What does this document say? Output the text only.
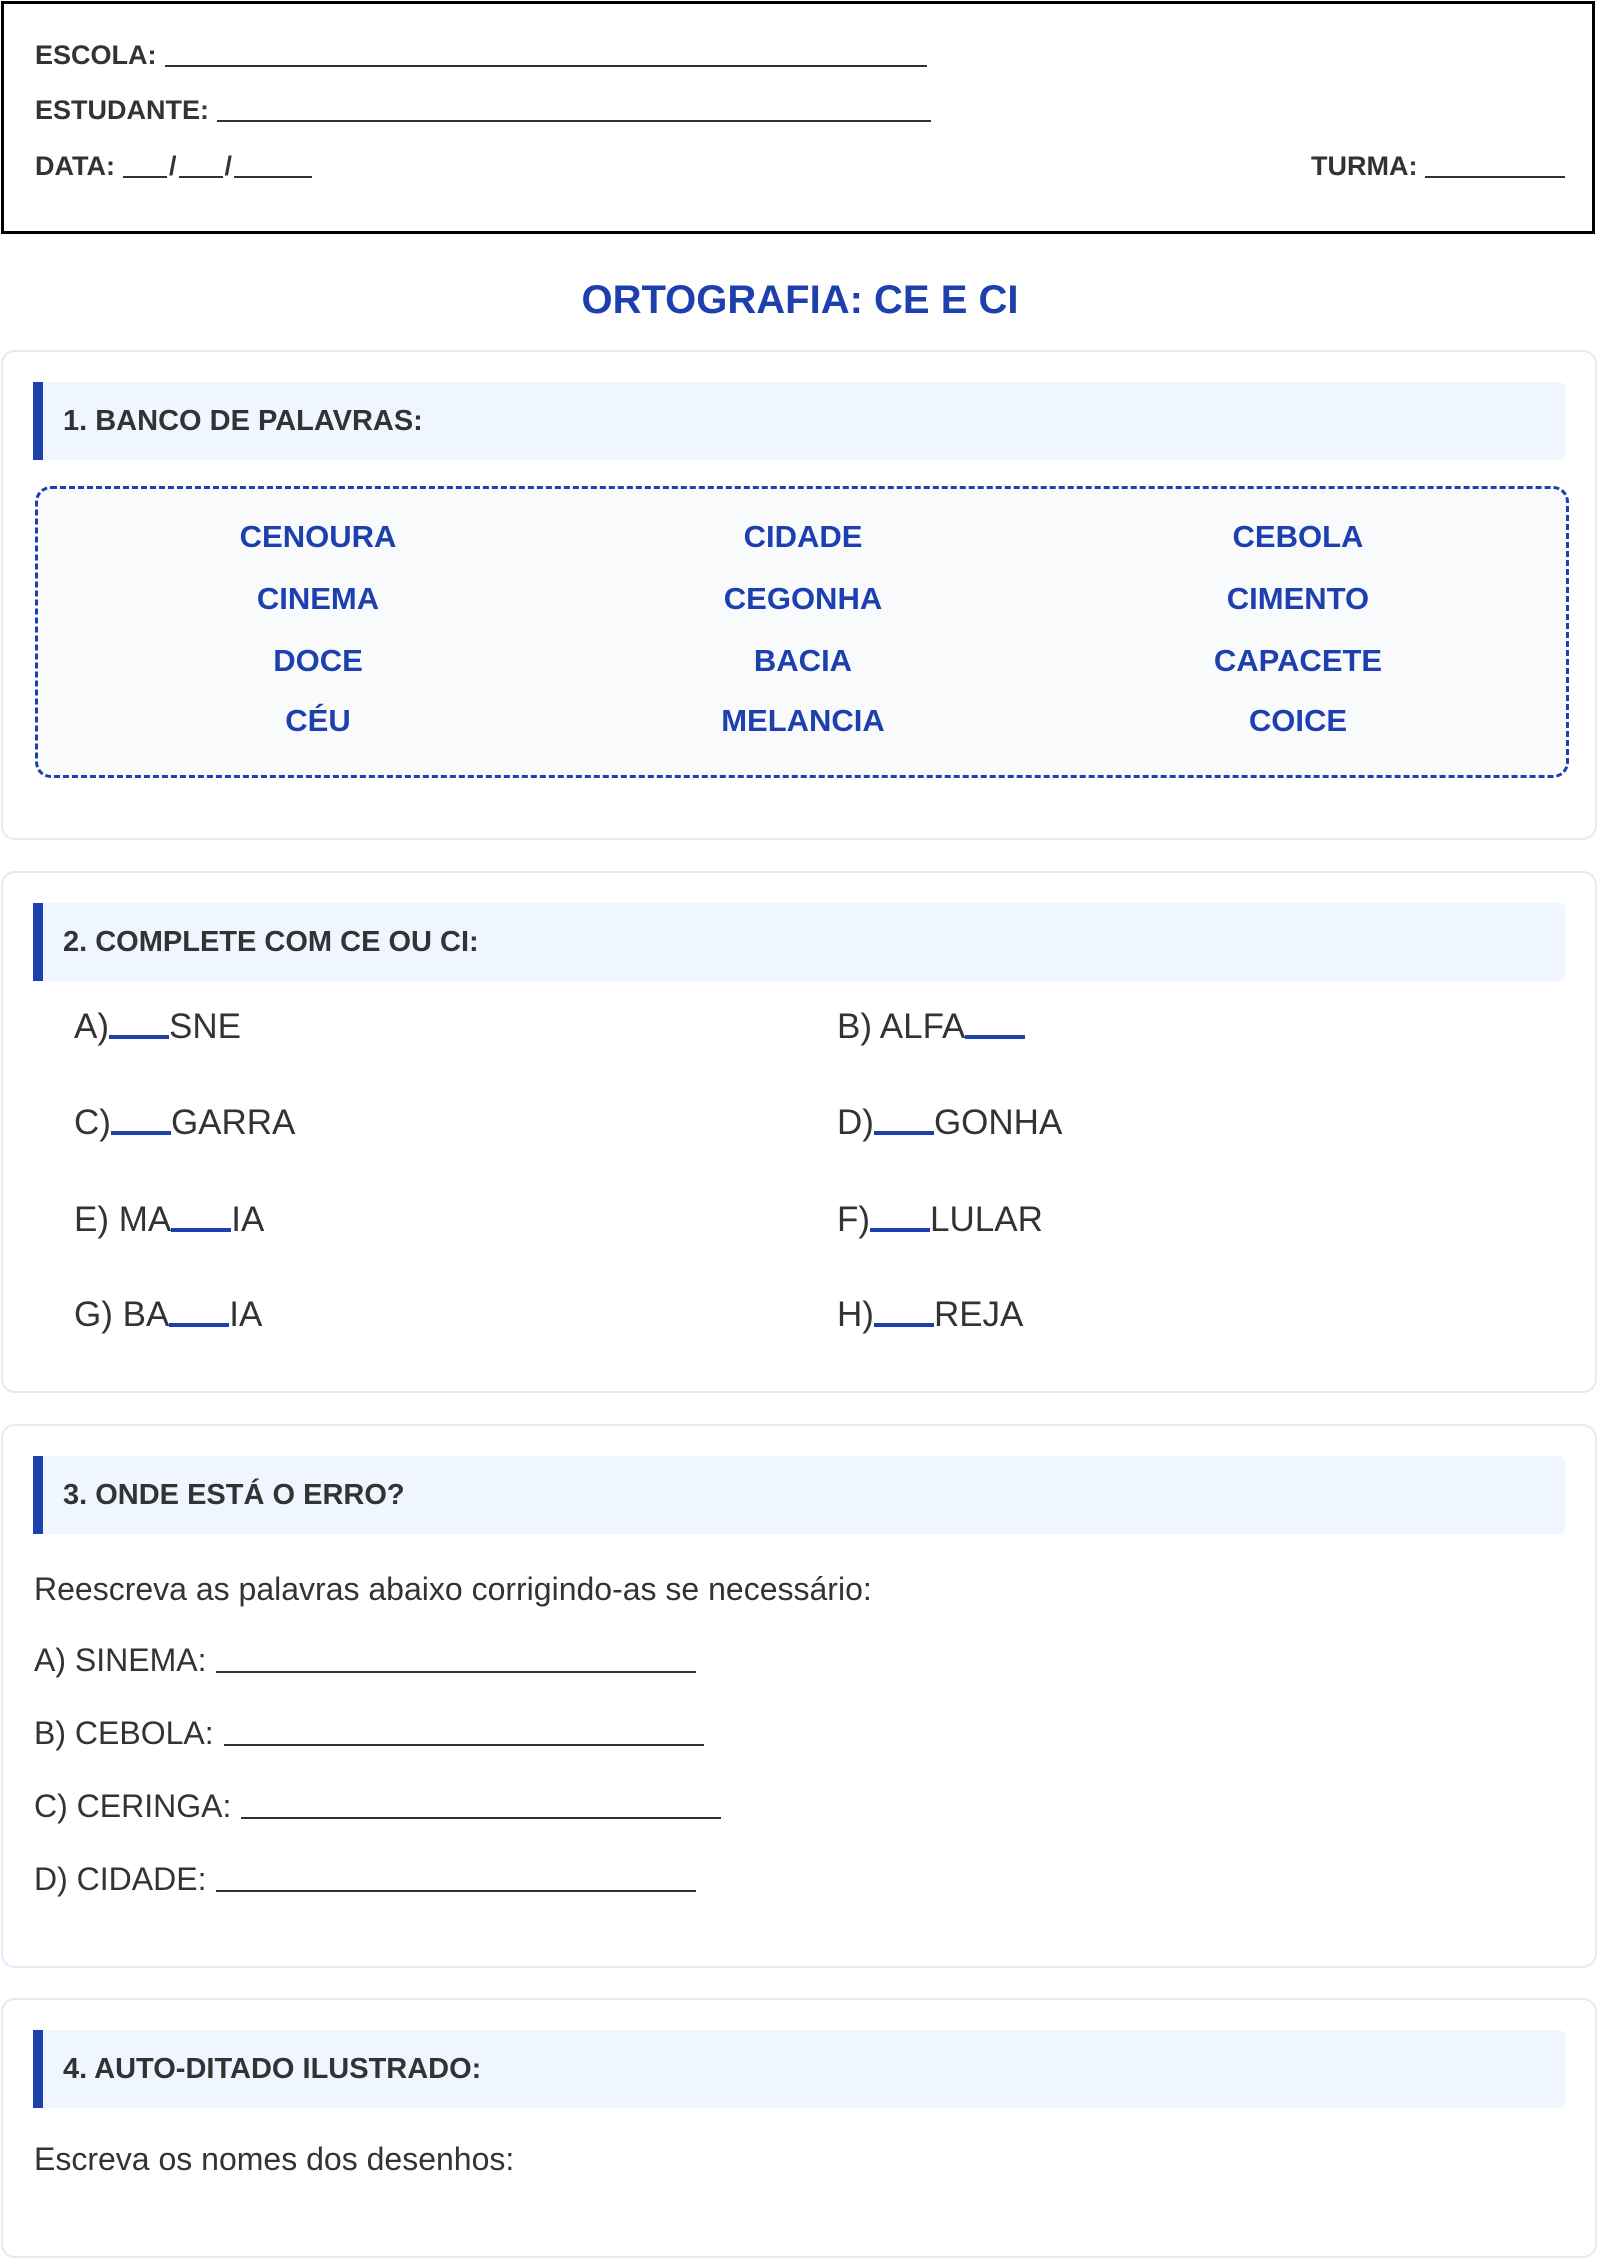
ESCOLA:
ESTUDANTE:
DATA: / /	TURMA:
ORTOGRAFIA: CE E CI
1. BANCO DE PALAVRAS:
CENOURA	CIDADE	CEBOLA
CINEMA	CEGONHA	CIMENTO
DOCE	BACIA	CAPACETE
CÉU	MELANCIA	COICE
2. COMPLETE COM CE OU CI:
A) SNE	B) ALFA
C) GARRA	D) GONHA
E) MA IA	F) LULAR
G) BA IA	H) REJA
3. ONDE ESTÁ O ERRO?
Reescreva as palavras abaixo corrigindo-as se necessário:
A) SINEMA:
B) CEBOLA:
C) CERINGA:
D) CIDADE:
4. AUTO-DITADO ILUSTRADO:
Escreva os nomes dos desenhos:
